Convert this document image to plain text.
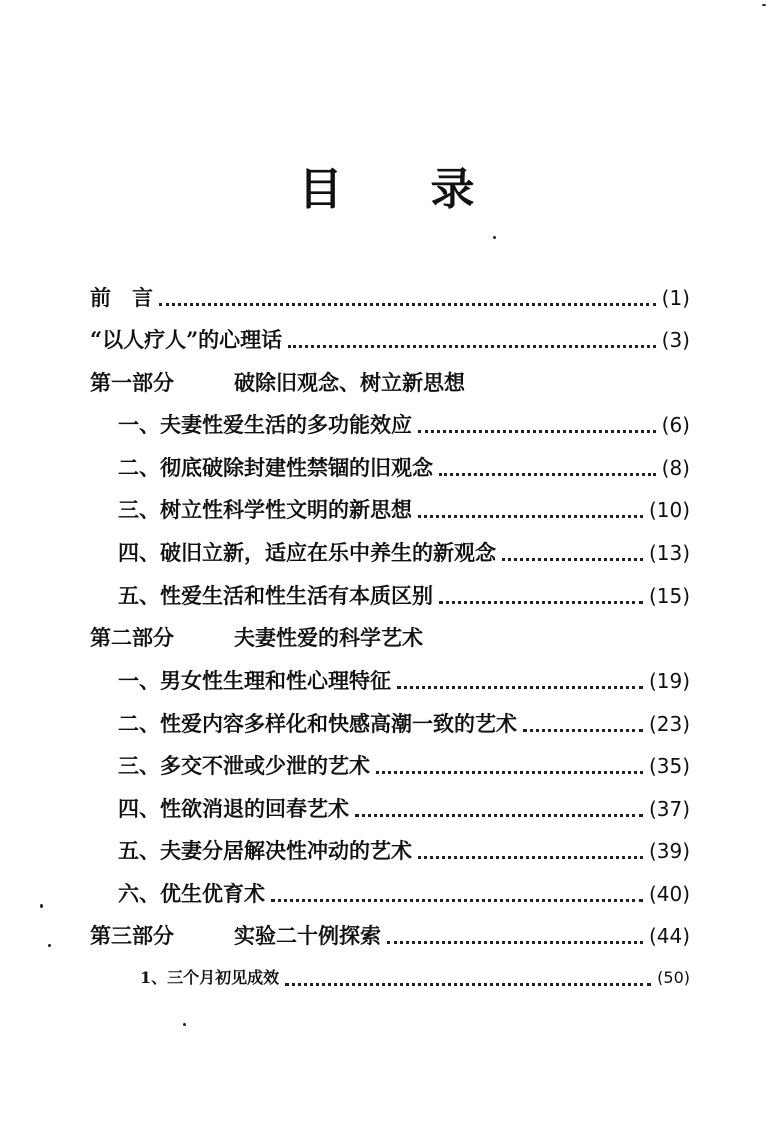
目 录
前　言	(1)
“以人疗人”的心理话	(3)
第一部分	破除旧观念、树立新思想
一、夫妻性爱生活的多功能效应	(6)
二、彻底破除封建性禁锢的旧观念	(8)
三、树立性科学性文明的新思想	(10)
四、破旧立新，适应在乐中养生的新观念	(13)
五、性爱生活和性生活有本质区别	(15)
第二部分	夫妻性爱的科学艺术
一、男女性生理和性心理特征	(19)
二、性爱内容多样化和快感高潮一致的艺术	(23)
三、多交不泄或少泄的艺术	(35)
四、性欲消退的回春艺术	(37)
五、夫妻分居解决性冲动的艺术	(39)
六、优生优育术	(40)
第三部分	实验二十例探索	(44)
1、三个月初见成效	(50)
